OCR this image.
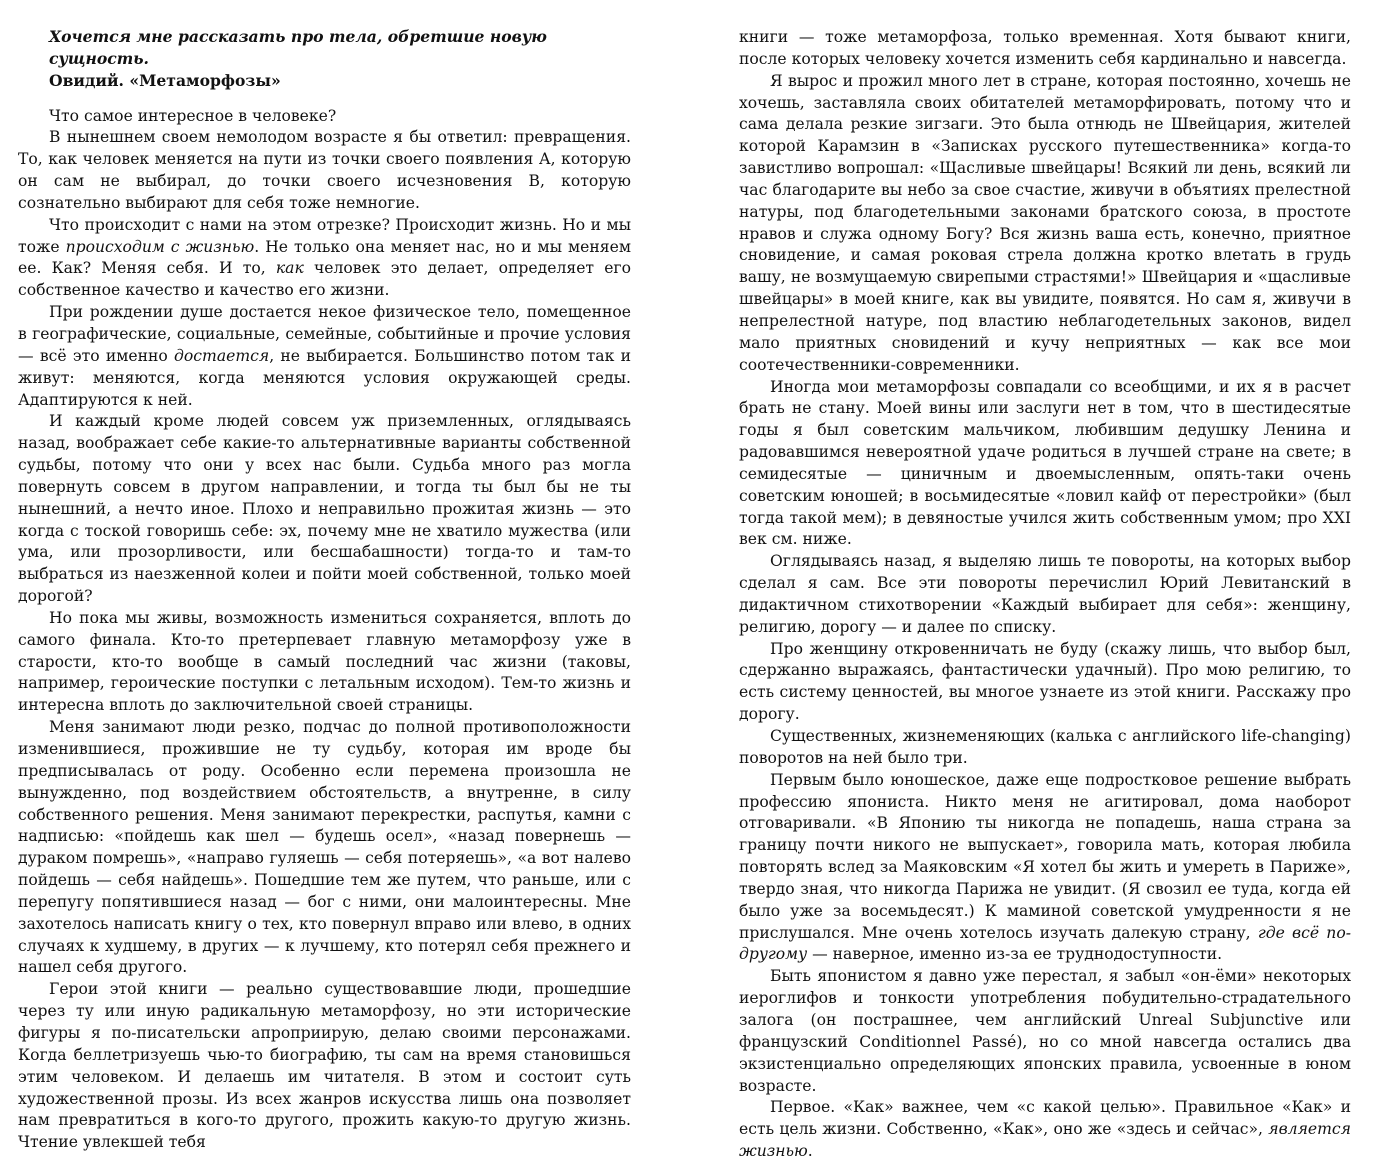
Хочется мне рассказать про тела, обретшие новую сущность.
Овидий. «Метаморфозы»

Что самое интересное в человеке?

В нынешнем своем немолодом возрасте я бы ответил: превращения. То, как человек меняется на пути из точки своего появления А, которую он сам не выбирал, до точки своего исчезновения В, которую сознательно выбирают для себя тоже немногие.

Что происходит с нами на этом отрезке? Происходит жизнь. Но и мы тоже происходим с жизнью. Не только она меняет нас, но и мы меняем ее. Как? Меняя себя. И то, как человек это делает, определяет его собственное качество и качество его жизни.

При рождении душе достается некое физическое тело, помещенное в географические, социальные, семейные, событийные и прочие условия — всё это именно достается, не выбирается. Большинство потом так и живут: меняются, когда меняются условия окружающей среды. Адаптируются к ней.

И каждый кроме людей совсем уж приземленных, оглядываясь назад, воображает себе какие-то альтернативные варианты собственной судьбы, потому что они у всех нас были. Судьба много раз могла повернуть совсем в другом направлении, и тогда ты был бы не ты нынешний, а нечто иное. Плохо и неправильно прожитая жизнь — это когда с тоской говоришь себе: эх, почему мне не хватило мужества (или ума, или прозорливости, или бесшабашности) тогда-то и там-то выбраться из наезженной колеи и пойти моей собственной, только моей дорогой?

Но пока мы живы, возможность измениться сохраняется, вплоть до самого финала. Кто-то претерпевает главную метаморфозу уже в старости, кто-то вообще в самый последний час жизни (таковы, например, героические поступки с летальным исходом). Тем-то жизнь и интересна вплоть до заключительной своей страницы.

Меня занимают люди резко, подчас до полной противоположности изменившиеся, прожившие не ту судьбу, которая им вроде бы предписывалась от роду. Особенно если перемена произошла не вынужденно, под воздействием обстоятельств, а внутренне, в силу собственного решения. Меня занимают перекрестки, распутья, камни с надписью: «пойдешь как шел — будешь осел», «назад повернешь — дураком помрешь», «направо гуляешь — себя потеряешь», «а вот налево пойдешь — себя найдешь». Пошедшие тем же путем, что раньше, или с перепугу попятившиеся назад — бог с ними, они малоинтересны. Мне захотелось написать книгу о тех, кто повернул вправо или влево, в одних случаях к худшему, в других — к лучшему, кто потерял себя прежнего и нашел себя другого.

Герои этой книги — реально существовавшие люди, прошедшие через ту или иную радикальную метаморфозу, но эти исторические фигуры я по-писательски апроприирую, делаю своими персонажами. Когда беллетризуешь чью-то биографию, ты сам на время становишься этим человеком. И делаешь им читателя. В этом и состоит суть художественной прозы. Из всех жанров искусства лишь она позволяет нам превратиться в кого-то другого, прожить какую-то другую жизнь. Чтение увлекшей тебя

книги — тоже метаморфоза, только временная. Хотя бывают книги, после которых человеку хочется изменить себя кардинально и навсегда.

Я вырос и прожил много лет в стране, которая постоянно, хочешь не хочешь, заставляла своих обитателей метаморфировать, потому что и сама делала резкие зигзаги. Это была отнюдь не Швейцария, жителей которой Карамзин в «Записках русского путешественника» когда-то завистливо вопрошал: «Щасливые швейцары! Всякий ли день, всякий ли час благодарите вы небо за свое счастие, живучи в объятиях прелестной натуры, под благодетельными законами братского союза, в простоте нравов и служа одному Богу? Вся жизнь ваша есть, конечно, приятное сновидение, и самая роковая стрела должна кротко влетать в грудь вашу, не возмущаемую свирепыми страстями!» Швейцария и «щасливые швейцары» в моей книге, как вы увидите, появятся. Но сам я, живучи в непрелестной натуре, под властию неблагодетельных законов, видел мало приятных сновидений и кучу неприятных — как все мои соотечественники-современники.

Иногда мои метаморфозы совпадали со всеобщими, и их я в расчет брать не стану. Моей вины или заслуги нет в том, что в шестидесятые годы я был советским мальчиком, любившим дедушку Ленина и радовавшимся невероятной удаче родиться в лучшей стране на свете; в семидесятые — циничным и двоемысленным, опять-таки очень советским юношей; в восьмидесятые «ловил кайф от перестройки» (был тогда такой мем); в девяностые учился жить собственным умом; про XXI век см. ниже.

Оглядываясь назад, я выделяю лишь те повороты, на которых выбор сделал я сам. Все эти повороты перечислил Юрий Левитанский в дидактичном стихотворении «Каждый выбирает для себя»: женщину, религию, дорогу — и далее по списку.

Про женщину откровенничать не буду (скажу лишь, что выбор был, сдержанно выражаясь, фантастически удачный). Про мою религию, то есть систему ценностей, вы многое узнаете из этой книги. Расскажу про дорогу.

Существенных, жизнеменяющих (калька с английского life-changing) поворотов на ней было три.

Первым было юношеское, даже еще подростковое решение выбрать профессию япониста. Никто меня не агитировал, дома наоборот отговаривали. «В Японию ты никогда не попадешь, наша страна за границу почти никого не выпускает», говорила мать, которая любила повторять вслед за Маяковским «Я хотел бы жить и умереть в Париже», твердо зная, что никогда Парижа не увидит. (Я свозил ее туда, когда ей было уже за восемьдесят.) К маминой советской умудренности я не прислушался. Мне очень хотелось изучать далекую страну, где всё по-другому — наверное, именно из-за ее труднодоступности.

Быть японистом я давно уже перестал, я забыл «он-ёми» некоторых иероглифов и тонкости употребления побудительно-страдательного залога (он пострашнее, чем английский Unreal Subjunctive или французский Conditionnel Passé), но со мной навсегда остались два экзистенциально определяющих японских правила, усвоенные в юном возрасте.

Первое. «Как» важнее, чем «с какой целью». Правильное «Как» и есть цель жизни. Собственно, «Как», оно же «здесь и сейчас», является жизнью.
